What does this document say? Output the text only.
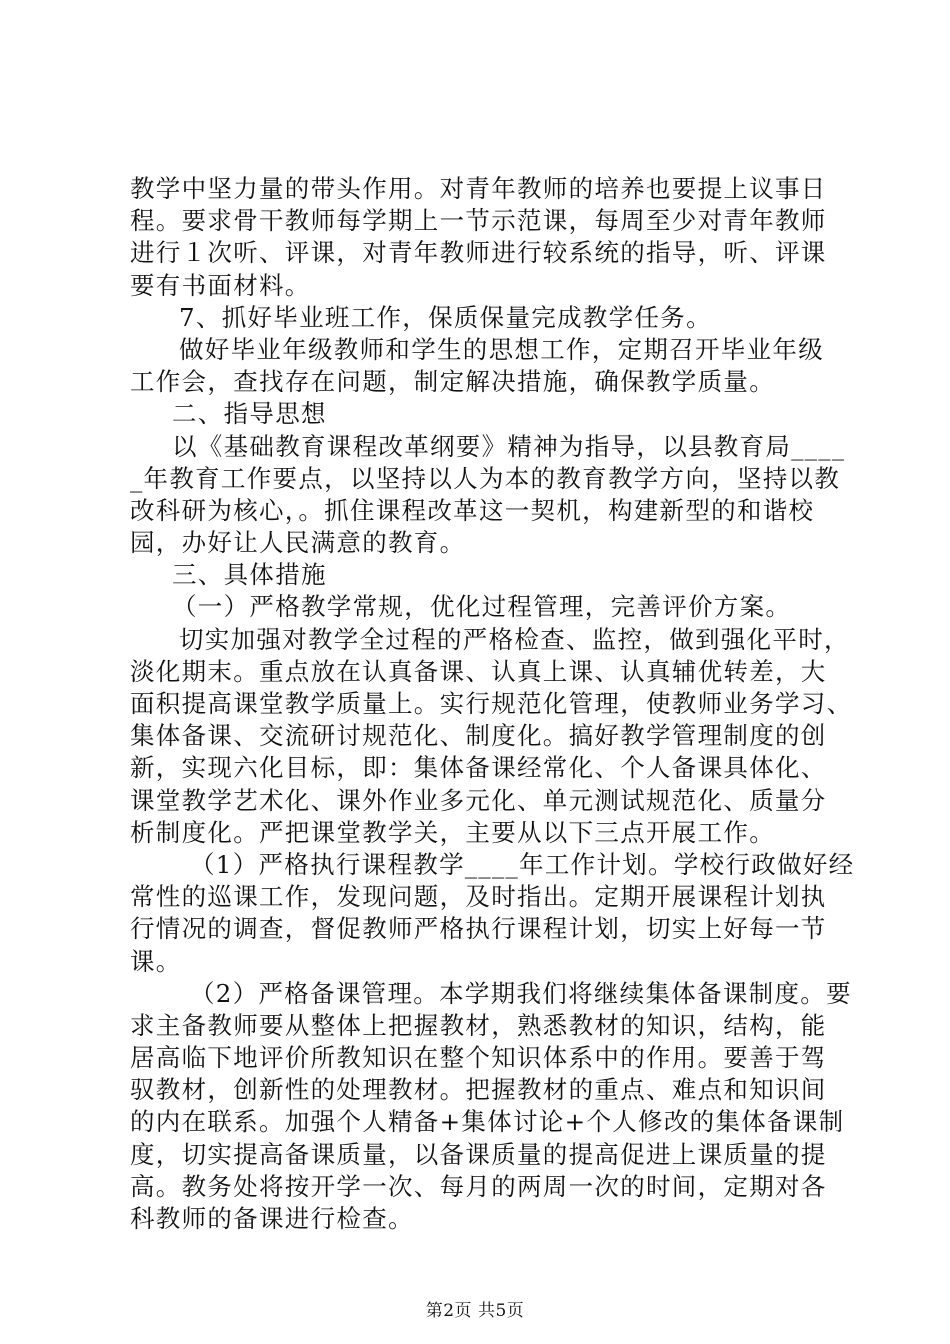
教学中坚力量的带头作用。对青年教师的培养也要提上议事日
程。要求骨干教师每学期上一节示范课，每周至少对青年教师
进行１次听、评课，对青年教师进行较系统的指导，听、评课
要有书面材料。
7、抓好毕业班工作，保质保量完成教学任务。
做好毕业年级教师和学生的思想工作，定期召开毕业年级
工作会，查找存在问题，制定解决措施，确保教学质量。
二、指导思想
以《基础教育课程改革纲要》精神为指导，以县教育局____
_年教育工作要点，以坚持以人为本的教育教学方向，坚持以教
改科研为核心，。抓住课程改革这一契机，构建新型的和谐校
园，办好让人民满意的教育。
三、具体措施
（一）严格教学常规，优化过程管理，完善评价方案。
切实加强对教学全过程的严格检查、监控，做到强化平时，
淡化期末。重点放在认真备课、认真上课、认真辅优转差，大
面积提高课堂教学质量上。实行规范化管理，使教师业务学习、
集体备课、交流研讨规范化、制度化。搞好教学管理制度的创
新，实现六化目标，即：集体备课经常化、个人备课具体化、
课堂教学艺术化、课外作业多元化、单元测试规范化、质量分
析制度化。严把课堂教学关，主要从以下三点开展工作。
（1）严格执行课程教学____年工作计划。学校行政做好经
常性的巡课工作，发现问题，及时指出。定期开展课程计划执
行情况的调查，督促教师严格执行课程计划，切实上好每一节
课。
（2）严格备课管理。本学期我们将继续集体备课制度。要
求主备教师要从整体上把握教材，熟悉教材的知识，结构，能
居高临下地评价所教知识在整个知识体系中的作用。要善于驾
驭教材，创新性的处理教材。把握教材的重点、难点和知识间
的内在联系。加强个人精备+集体讨论+个人修改的集体备课制
度，切实提高备课质量，以备课质量的提高促进上课质量的提
高。教务处将按开学一次、每月的两周一次的时间，定期对各
科教师的备课进行检查。
第2页 共5页
